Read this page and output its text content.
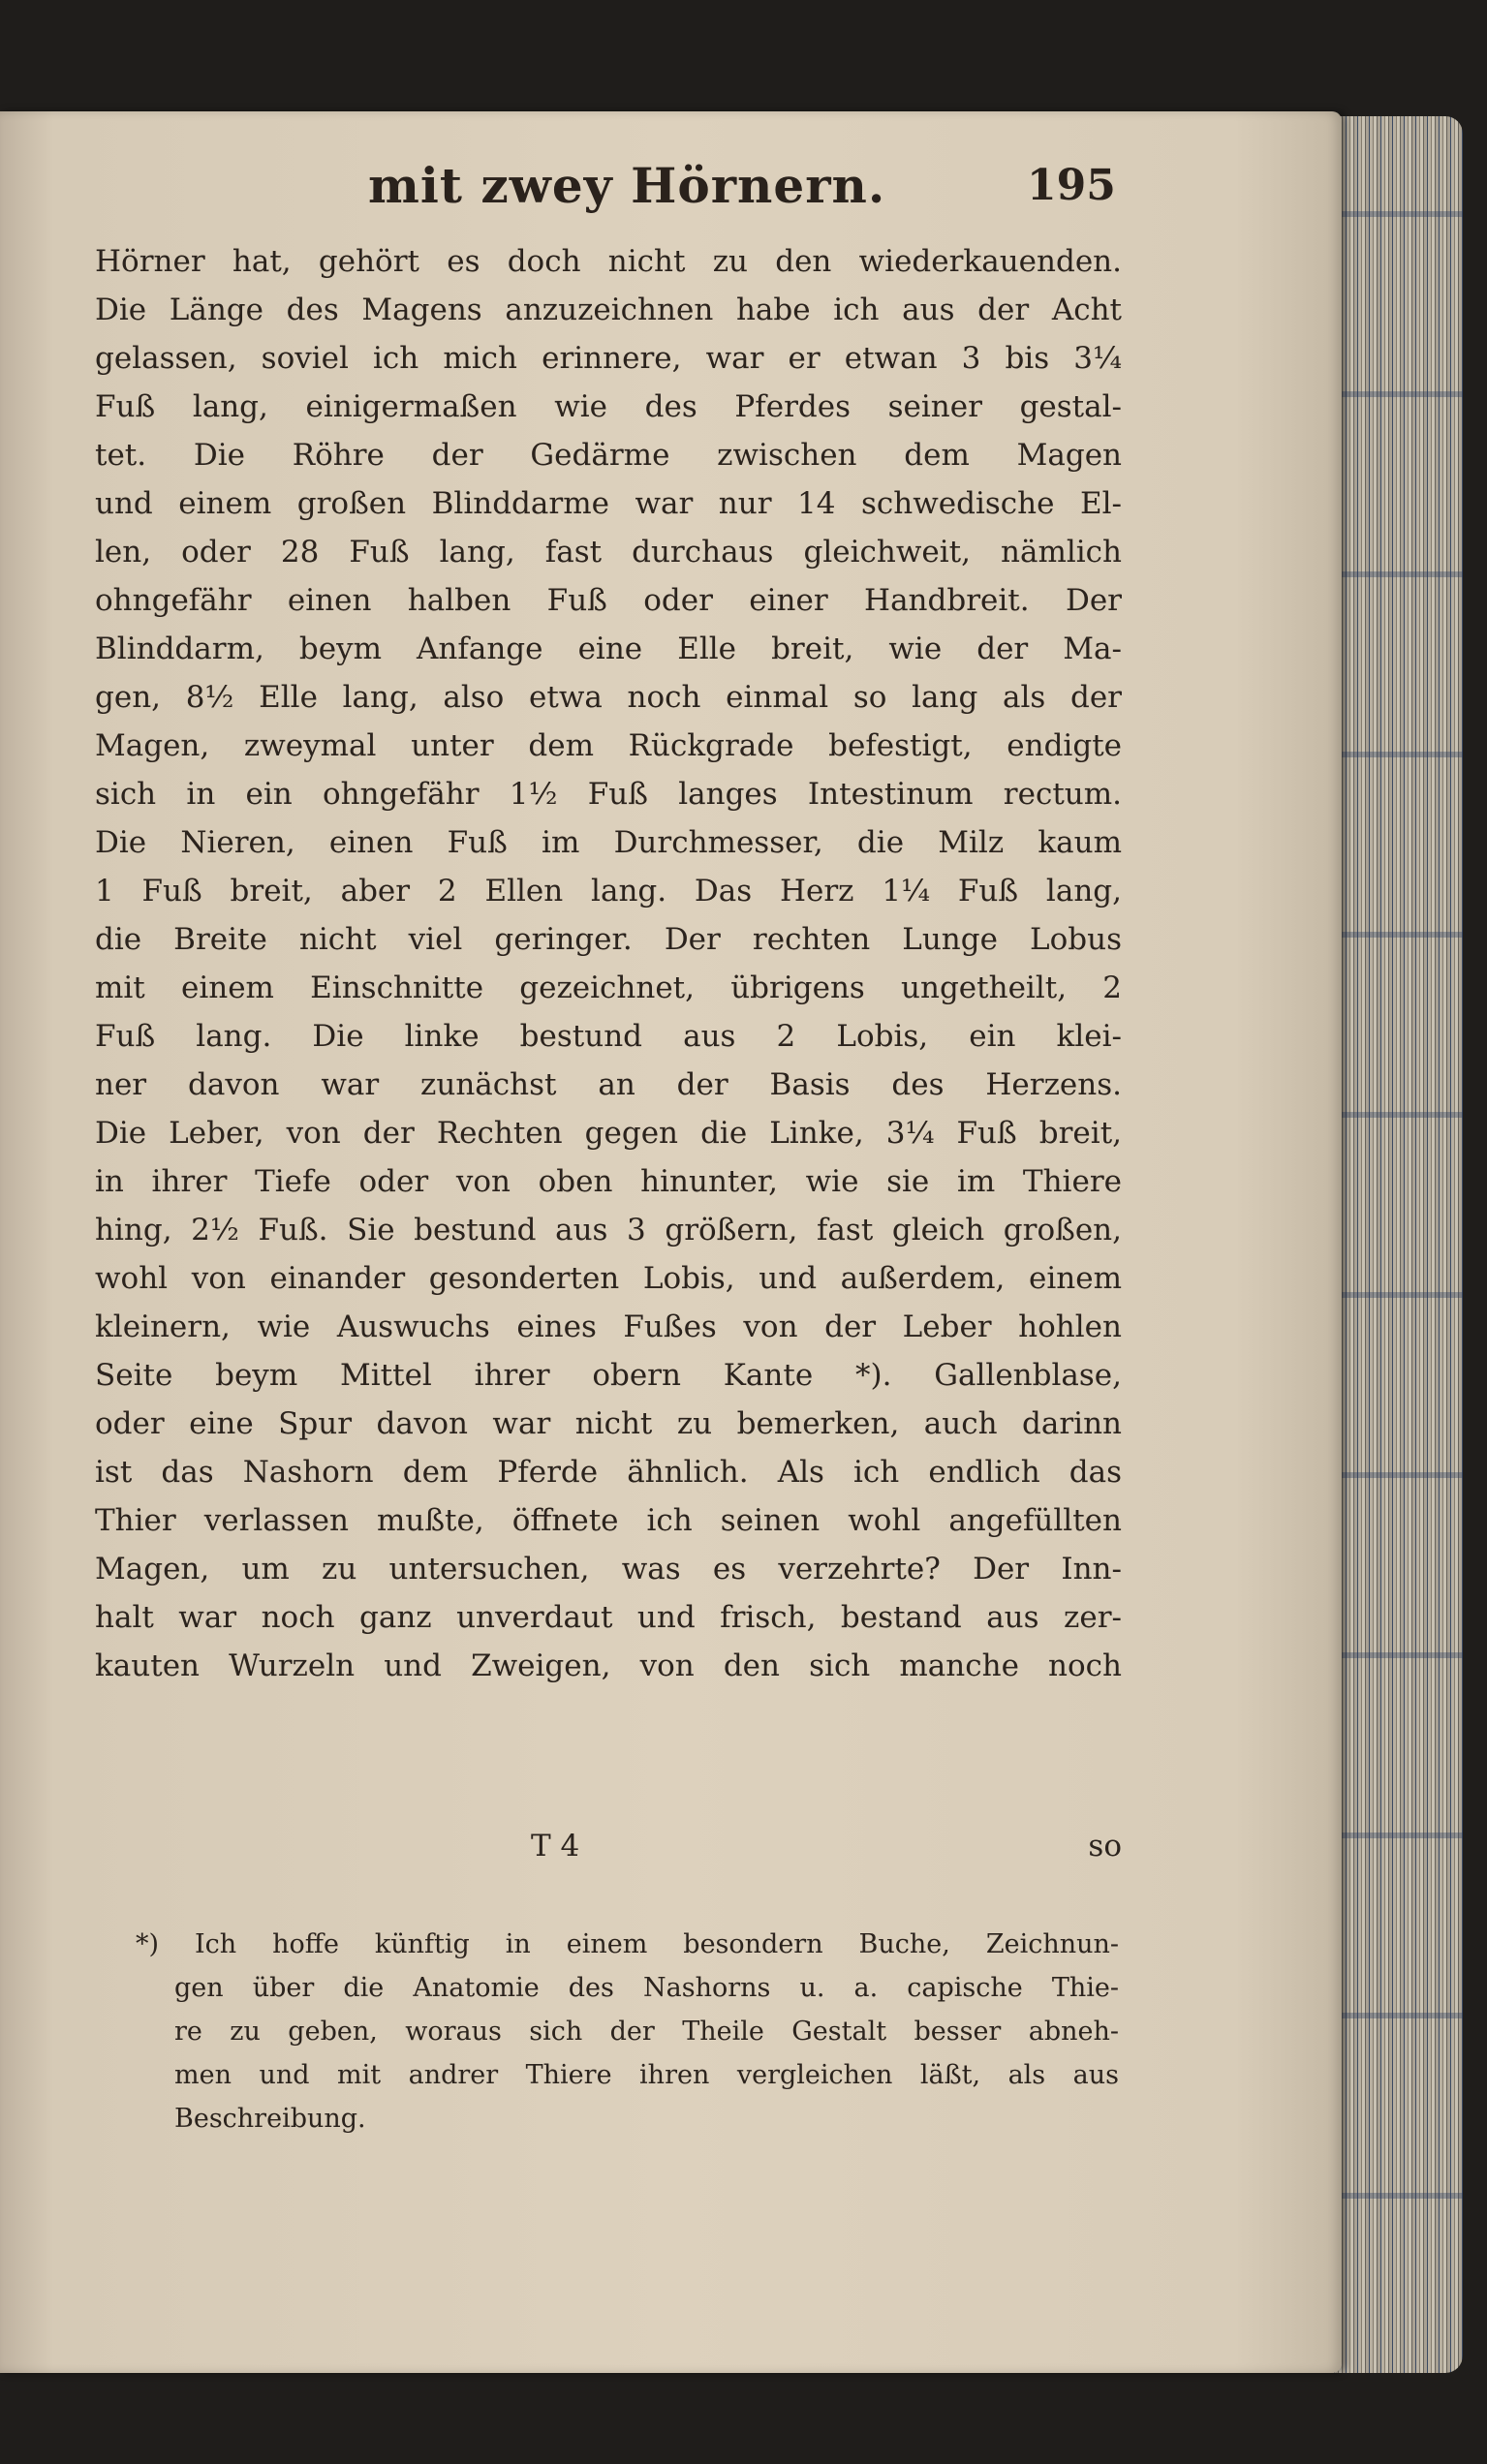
mit zwey Hörnern.	195
Hörner hat, gehört es doch nicht zu den wiederkauenden.
Die Länge des Magens anzuzeichnen habe ich aus der Acht
gelassen, soviel ich mich erinnere, war er etwan 3 bis 3¼
Fuß lang, einigermaßen wie des Pferdes seiner gestal-
tet. Die Röhre der Gedärme zwischen dem Magen
und einem großen Blinddarme war nur 14 schwedische El-
len, oder 28 Fuß lang, fast durchaus gleichweit, nämlich
ohngefähr einen halben Fuß oder einer Handbreit. Der
Blinddarm, beym Anfange eine Elle breit, wie der Ma-
gen, 8½ Elle lang, also etwa noch einmal so lang als der
Magen, zweymal unter dem Rückgrade befestigt, endigte
sich in ein ohngefähr 1½ Fuß langes Intestinum rectum.
Die Nieren, einen Fuß im Durchmesser, die Milz kaum
1 Fuß breit, aber 2 Ellen lang. Das Herz 1¼ Fuß lang,
die Breite nicht viel geringer. Der rechten Lunge Lobus
mit einem Einschnitte gezeichnet, übrigens ungetheilt, 2
Fuß lang. Die linke bestund aus 2 Lobis, ein klei-
ner davon war zunächst an der Basis des Herzens.
Die Leber, von der Rechten gegen die Linke, 3¼ Fuß breit,
in ihrer Tiefe oder von oben hinunter, wie sie im Thiere
hing, 2½ Fuß. Sie bestund aus 3 größern, fast gleich großen,
wohl von einander gesonderten Lobis, und außerdem, einem
kleinern, wie Auswuchs eines Fußes von der Leber hohlen
Seite beym Mittel ihrer obern Kante *). Gallenblase,
oder eine Spur davon war nicht zu bemerken, auch darinn
ist das Nashorn dem Pferde ähnlich. Als ich endlich das
Thier verlassen mußte, öffnete ich seinen wohl angefüllten
Magen, um zu untersuchen, was es verzehrte? Der Inn-
halt war noch ganz unverdaut und frisch, bestand aus zer-
kauten Wurzeln und Zweigen, von den sich manche noch
T 4	so
*) Ich hoffe künftig in einem besondern Buche, Zeichnun-
gen über die Anatomie des Nashorns u. a. capische Thie-
re zu geben, woraus sich der Theile Gestalt besser abneh-
men und mit andrer Thiere ihren vergleichen läßt, als aus
Beschreibung.
